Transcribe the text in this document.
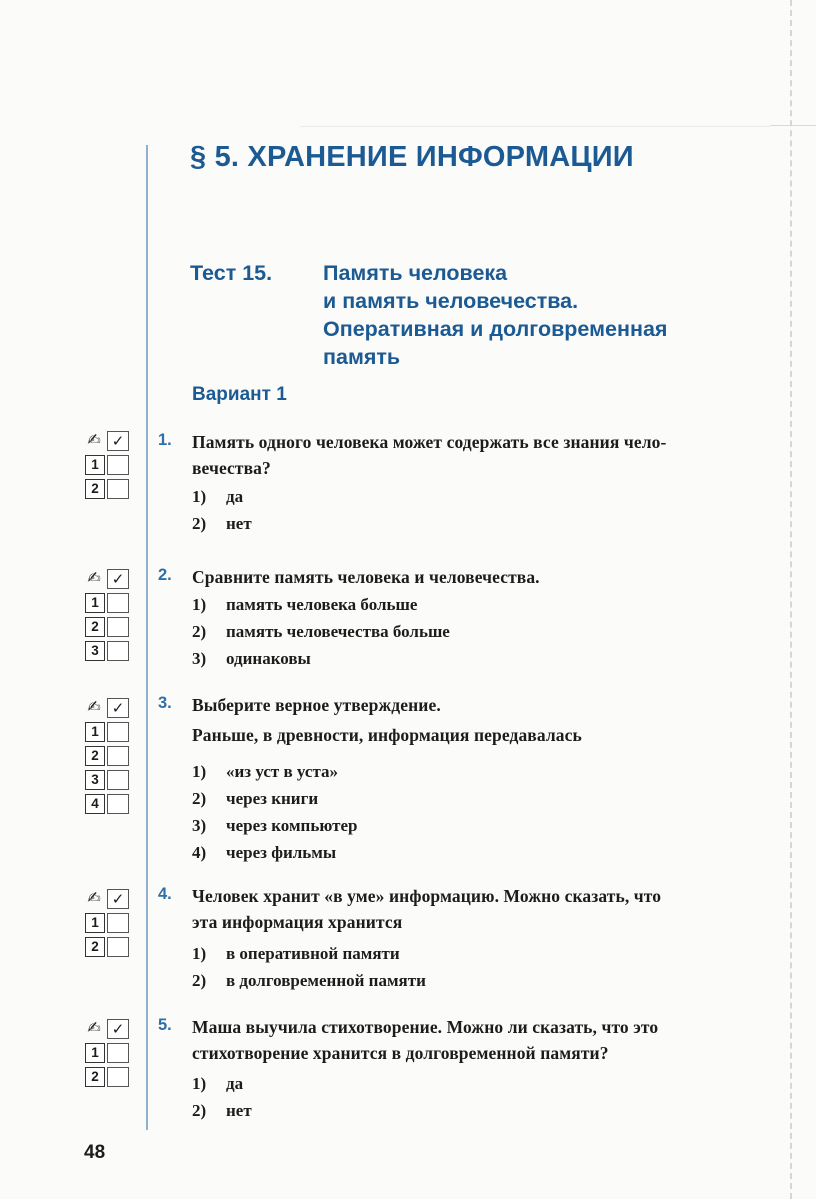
§ 5. ХРАНЕНИЕ ИНФОРМАЦИИ
Тест 15. Память человека
и память человечества.
Оперативная и долговременная
память
Вариант 1
✍ ✓
1
2
1. Память одного человека может содержать все знания чело-
вечества?
1) да
2) нет
✍ ✓
1
2
3
2. Сравните память человека и человечества.
1) память человека больше
2) память человечества больше
3) одинаковы
✍ ✓
1
2
3
4
3. Выберите верное утверждение.
Раньше, в древности, информация передавалась
1) «из уст в уста»
2) через книги
3) через компьютер
4) через фильмы
✍ ✓
1
2
4. Человек хранит «в уме» информацию. Можно сказать, что
эта информация хранится
1) в оперативной памяти
2) в долговременной памяти
✍ ✓
1
2
5. Маша выучила стихотворение. Можно ли сказать, что это
стихотворение хранится в долговременной памяти?
1) да
2) нет
48
